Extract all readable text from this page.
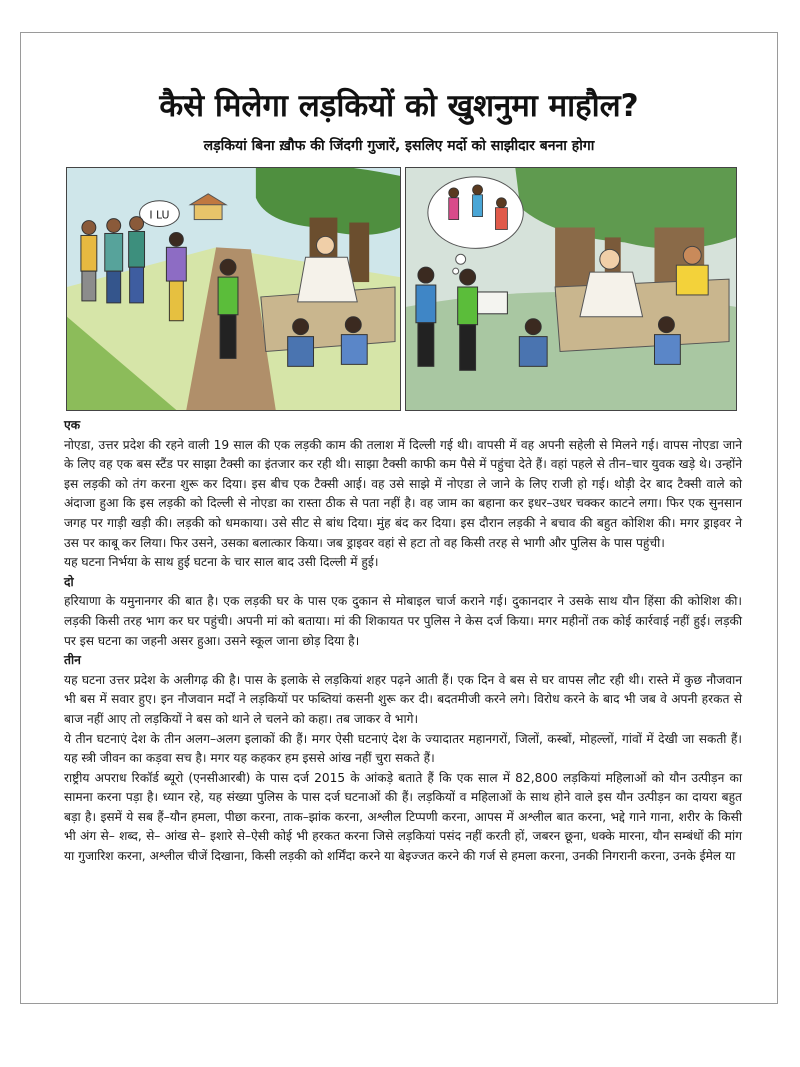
कैसे मिलेगा लड़कियों को खुशनुमा माहौल?
लड़कियां बिना ख़ौफ की जिंदगी गुजारें, इसलिए मर्दो को साझीदार बनना होगा
I LU

एक

नोएडा, उत्तर प्रदेश की रहने वाली 19 साल की एक लड़की काम की तलाश में दिल्ली गई थी। वापसी में वह अपनी सहेली से मिलने गई। वापस नोएडा जाने के लिए वह एक बस स्टैंड पर साझा टैक्सी का इंतजार कर रही थी। साझा टैक्सी काफी कम पैसे में पहुंचा देते हैं। वहां पहले से तीन–चार युवक खड़े थे। उन्होंने इस लड़की को तंग करना शुरू कर दिया। इस बीच एक टैक्सी आई। वह उसे साझे में नोएडा ले जाने के लिए राजी हो गई। थोड़ी देर बाद टैक्सी वाले को अंदाजा हुआ कि इस लड़की को दिल्ली से नोएडा का रास्ता ठीक से पता नहीं है। वह जाम का बहाना कर इधर–उधर चक्कर काटने लगा। फिर एक सुनसान जगह पर गाड़ी खड़ी की। लड़की को धमकाया। उसे सीट से बांध दिया। मुंह बंद कर दिया। इस दौरान लड़की ने बचाव की बहुत कोशिश की। मगर ड्राइवर ने उस पर काबू कर लिया। फिर उसने, उसका बलात्कार किया। जब ड्राइवर वहां से हटा तो वह किसी तरह से भागी और पुलिस के पास पहुंची।

यह घटना निर्भया के साथ हुई घटना के चार साल बाद उसी दिल्ली में हुई।

दो

हरियाणा के यमुनानगर की बात है। एक लड़की घर के पास एक दुकान से मोबाइल चार्ज कराने गई। दुकानदार ने उसके साथ यौन हिंसा की कोशिश की। लड़की किसी तरह भाग कर घर पहुंची। अपनी मां को बताया। मां की शिकायत पर पुलिस ने केस दर्ज किया। मगर महीनों तक कोई कार्रवाई नहीं हुई। लड़की पर इस घटना का जहनी असर हुआ। उसने स्कूल जाना छोड़ दिया है।

तीन

यह घटना उत्तर प्रदेश के अलीगढ़ की है। पास के इलाके से लड़कियां शहर पढ़ने आती हैं। एक दिन वे बस से घर वापस लौट रही थी। रास्ते में कुछ नौजवान भी बस में सवार हुए। इन नौजवान मर्दों ने लड़कियों पर फब्तियां कसनी शुरू कर दी। बदतमीजी करने लगे। विरोध करने के बाद भी जब वे अपनी हरकत से बाज नहीं आए तो लड़कियों ने बस को थाने ले चलने को कहा। तब जाकर वे भागे।

ये तीन घटनाएं देश के तीन अलग–अलग इलाकों की हैं। मगर ऐसी घटनाएं देश के ज्यादातर महानगरों, जिलों, कस्बों, मोहल्लों, गांवों में देखी जा सकती हैं। यह स्त्री जीवन का कड़वा सच है। मगर यह कहकर हम इससे आंख नहीं चुरा सकते हैं।

राष्ट्रीय अपराध रिकॉर्ड ब्यूरो (एनसीआरबी) के पास दर्ज 2015 के आंकड़े बताते हैं कि एक साल में 82,800 लड़कियां महिलाओं को यौन उत्पीड़न का सामना करना पड़ा है। ध्यान रहे, यह संख्या पुलिस के पास दर्ज घटनाओं की हैं। लड़कियों व महिलाओं के साथ होने वाले इस यौन उत्पीड़न का दायरा बहुत बड़ा है। इसमें ये सब हैं–यौन हमला, पीछा करना, ताक–झांक करना, अश्लील टिप्पणी करना, आपस में अश्लील बात करना, भद्दे गाने गाना, शरीर के किसी भी अंग से– शब्द, से– आंख से– इशारे से–ऐसी कोई भी हरकत करना जिसे लड़कियां पसंद नहीं करती हों, जबरन छूना, धक्के मारना, यौन सम्बंधों की मांग या गुजारिश करना, अश्लील चीजें दिखाना, किसी लड़की को शर्मिंदा करने या बेइज्जत करने की गर्ज से हमला करना, उनकी निगरानी करना, उनके ईमेल या
